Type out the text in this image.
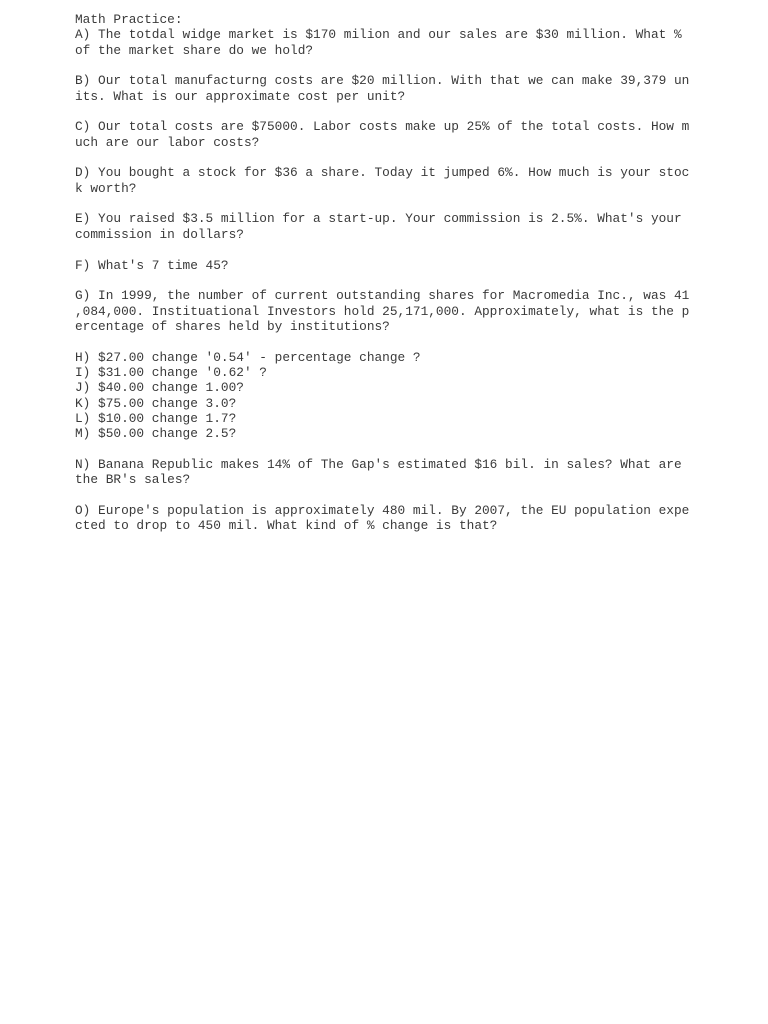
Math Practice:
A) The totdal widge market is $170 milion and our sales are $30 million. What %
of the market share do we hold?
B) Our total manufacturng costs are $20 million. With that we can make 39,379 un
its. What is our approximate cost per unit?
C) Our total costs are $75000. Labor costs make up 25% of the total costs. How m
uch are our labor costs?
D) You bought a stock for $36 a share. Today it jumped 6%. How much is your stoc
k worth?
E) You raised $3.5 million for a start-up. Your commission is 2.5%. What's your
commission in dollars?
F) What's 7 time 45?
G) In 1999, the number of current outstanding shares for Macromedia Inc., was 41
,084,000. Instituational Investors hold 25,171,000. Approximately, what is the p
ercentage of shares held by institutions?
H) $27.00 change '0.54' - percentage change ?
I) $31.00 change '0.62' ?
J) $40.00 change 1.00?
K) $75.00 change 3.0?
L) $10.00 change 1.7?
M) $50.00 change 2.5?
N) Banana Republic makes 14% of The Gap's estimated $16 bil. in sales? What are
the BR's sales?
O) Europe's population is approximately 480 mil. By 2007, the EU population expe
cted to drop to 450 mil. What kind of % change is that?
